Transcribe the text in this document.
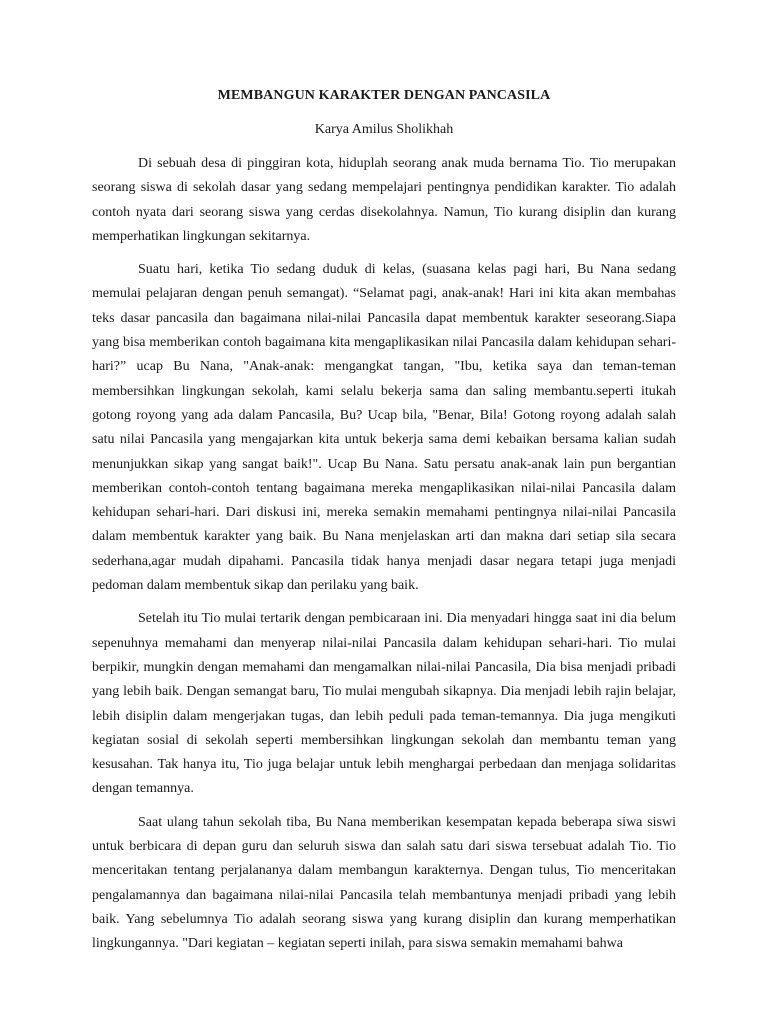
MEMBANGUN KARAKTER DENGAN PANCASILA
Karya Amilus Sholikhah

Di sebuah desa di pinggiran kota, hiduplah seorang anak muda bernama Tio. Tio merupakan seorang siswa di sekolah dasar yang sedang mempelajari pentingnya pendidikan karakter. Tio adalah contoh nyata dari seorang siswa yang cerdas disekolahnya. Namun, Tio kurang disiplin dan kurang memperhatikan lingkungan sekitarnya.

Suatu hari, ketika Tio sedang duduk di kelas, (suasana kelas pagi hari, Bu Nana sedang memulai pelajaran dengan penuh semangat). “Selamat pagi, anak-anak! Hari ini kita akan membahas teks dasar pancasila dan bagaimana nilai-nilai Pancasila dapat membentuk karakter seseorang.Siapa yang bisa memberikan contoh bagaimana kita mengaplikasikan nilai Pancasila dalam kehidupan sehari-hari?” ucap Bu Nana, "Anak-anak: mengangkat tangan, "Ibu, ketika saya dan teman-teman membersihkan lingkungan sekolah, kami selalu bekerja sama dan saling membantu.seperti itukah gotong royong yang ada dalam Pancasila, Bu? Ucap bila, "Benar, Bila! Gotong royong adalah salah satu nilai Pancasila yang mengajarkan kita untuk bekerja sama demi kebaikan bersama kalian sudah menunjukkan sikap yang sangat baik!". Ucap Bu Nana. Satu persatu anak-anak lain pun bergantian memberikan contoh-contoh tentang bagaimana mereka mengaplikasikan nilai-nilai Pancasila dalam kehidupan sehari-hari. Dari diskusi ini, mereka semakin memahami pentingnya nilai-nilai Pancasila dalam membentuk karakter yang baik. Bu Nana menjelaskan arti dan makna dari setiap sila secara sederhana,agar mudah dipahami. Pancasila tidak hanya menjadi dasar negara tetapi juga menjadi pedoman dalam membentuk sikap dan perilaku yang baik.

Setelah itu Tio mulai tertarik dengan pembicaraan ini. Dia menyadari hingga saat ini dia belum sepenuhnya memahami dan menyerap nilai-nilai Pancasila dalam kehidupan sehari-hari. Tio mulai berpikir, mungkin dengan memahami dan mengamalkan nilai-nilai Pancasila, Dia bisa menjadi pribadi yang lebih baik. Dengan semangat baru, Tio mulai mengubah sikapnya. Dia menjadi lebih rajin belajar, lebih disiplin dalam mengerjakan tugas, dan lebih peduli pada teman-temannya. Dia juga mengikuti kegiatan sosial di sekolah seperti membersihkan lingkungan sekolah dan membantu teman yang kesusahan. Tak hanya itu, Tio juga belajar untuk lebih menghargai perbedaan dan menjaga solidaritas dengan temannya.

Saat ulang tahun sekolah tiba, Bu Nana memberikan kesempatan kepada beberapa siwa siswi untuk berbicara di depan guru dan seluruh siswa dan salah satu dari siswa tersebuat adalah Tio. Tio menceritakan tentang perjalananya dalam membangun karakternya. Dengan tulus, Tio menceritakan pengalamannya dan bagaimana nilai-nilai Pancasila telah membantunya menjadi pribadi yang lebih baik. Yang sebelumnya Tio adalah seorang siswa yang kurang disiplin dan kurang memperhatikan lingkungannya. "Dari kegiatan – kegiatan seperti inilah, para siswa semakin memahami bahwa
